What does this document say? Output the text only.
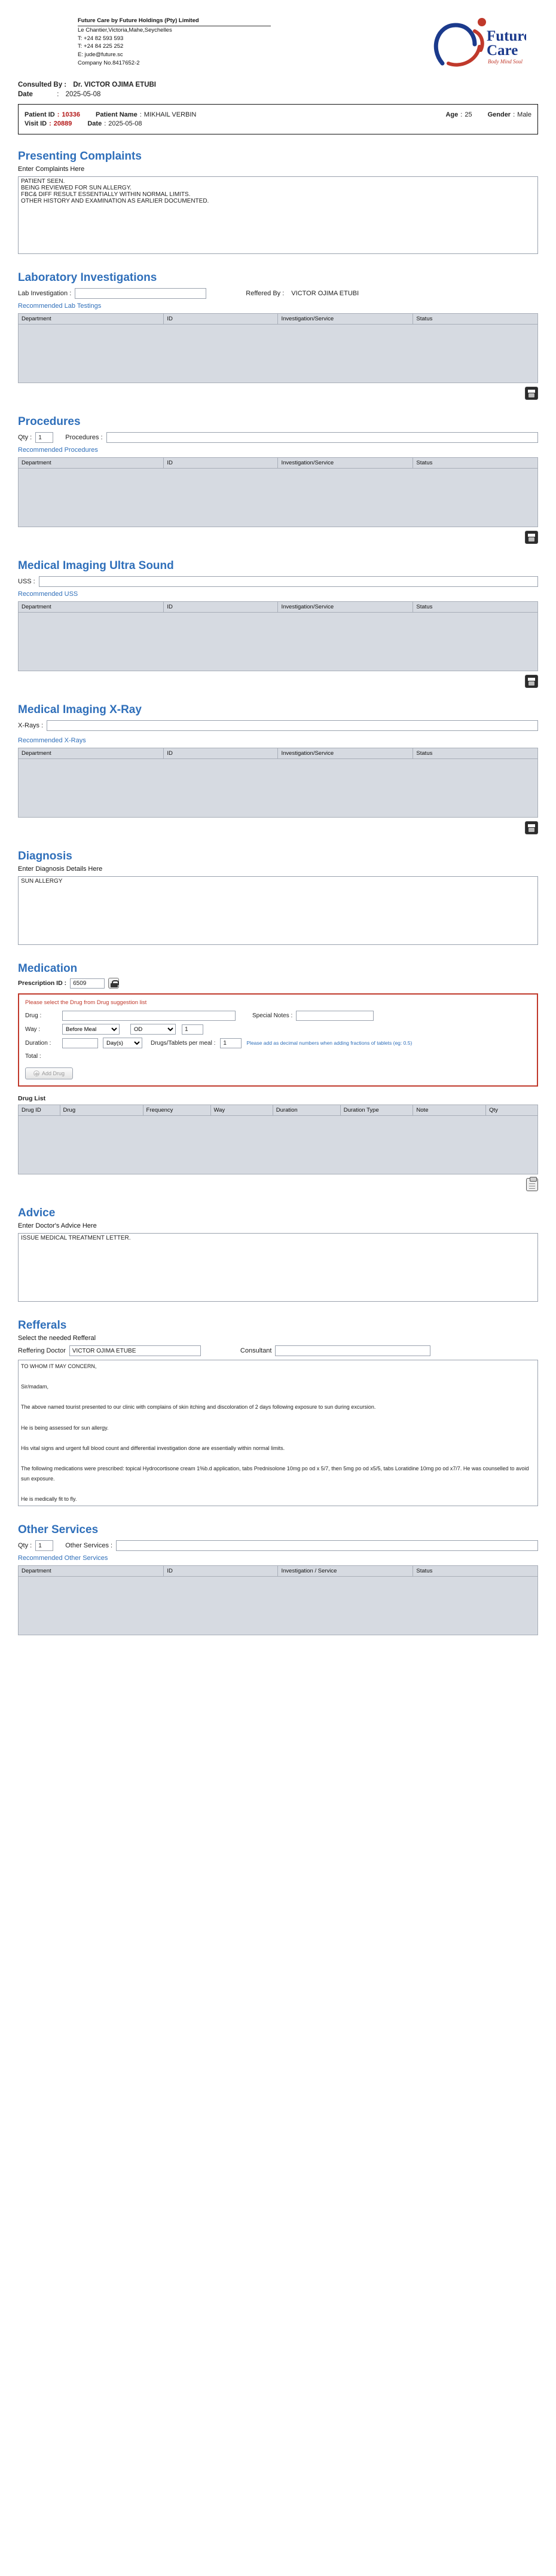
Future Care by Future Holdings (Pty) Limited
Le Chantier,Victoria,Mahe,Seychelles
T: +24 82 593 593
T: +24 84 225 252
E: jude@future.sc
Company No.8417652-2
Future
Care
Body Mind Soul
Consulted By : Dr. VICTOR OJIMA ETUBI
Date	: 2025-05-08
Patient ID : 10336 Patient Name : MIKHAIL VERBIN	Age : 25 Gender : Male
Visit ID : 20889 Date : 2025-05-08
Presenting Complaints
Enter Complaints Here
PATIENT SEEN. BEING REVIEWED FOR SUN ALLERGY. FBC& DIFF RESULT ESSENTIALLY WITHIN NORMAL LIMITS. OTHER HISTORY AND EXAMINATION AS EARLIER DOCUMENTED.
Laboratory Investigations
Lab Investigation :	Reffered By : VICTOR OJIMA ETUBI
Recommended Lab Testings
Department	ID	Investigation/Service	Status
Procedures
Qty :
1	Procedures :
Recommended Procedures
Department	ID	Investigation/Service	Status
Medical Imaging Ultra Sound
USS :
Recommended USS
Department	ID	Investigation/Service	Status
Medical Imaging X-Ray
X-Rays :
Recommended X-Rays
Department	ID	Investigation/Service	Status
Diagnosis
Enter Diagnosis Details Here
SUN ALLERGY
Medication
Prescription ID :
6509
Please select the Drug from Drug suggestion list
Drug :	Special Notes :
Way :
Before Meal
OD
1
Duration :
Day(s)	Drugs/Tablets per meal :
1	Please add as decimal numbers when adding fractions of tablets (eg: 0.5)
Total :
Add Drug
Drug List
Drug ID	Drug	Frequency	Way	Duration	Duration Type	Note	Qty
Advice
Enter Doctor's Advice Here
ISSUE MEDICAL TREATMENT LETTER.
Refferals
Select the needed Refferal
Reffering Doctor
VICTOR OJIMA ETUBE	Consultant
TO WHOM IT MAY CONCERN, Sir/madam, The above named tourist presented to our clinic with complains of skin itching and discoloration of 2 days following exposure to sun during excursion. He is being assessed for sun allergy. His vital signs and urgent full blood count and differential investigation done are essentially within normal limits. The following medications were prescribed: topical Hydrocortisone cream 1%b.d application, tabs Prednisolone 10mg po od x 5/7, then 5mg po od x5/5, tabs Loratidine 10mg po od x7/7. He was counselled to avoid sun exposure. He is medically fit to fly. Kindly accord him the needed support. Thank you. Dr. Etubi Victor Ojima Sign Date: 08/05/2025
Other Services
Qty :
1	Other Services :
Recommended Other Services
Department	ID	Investigation / Service	Status
